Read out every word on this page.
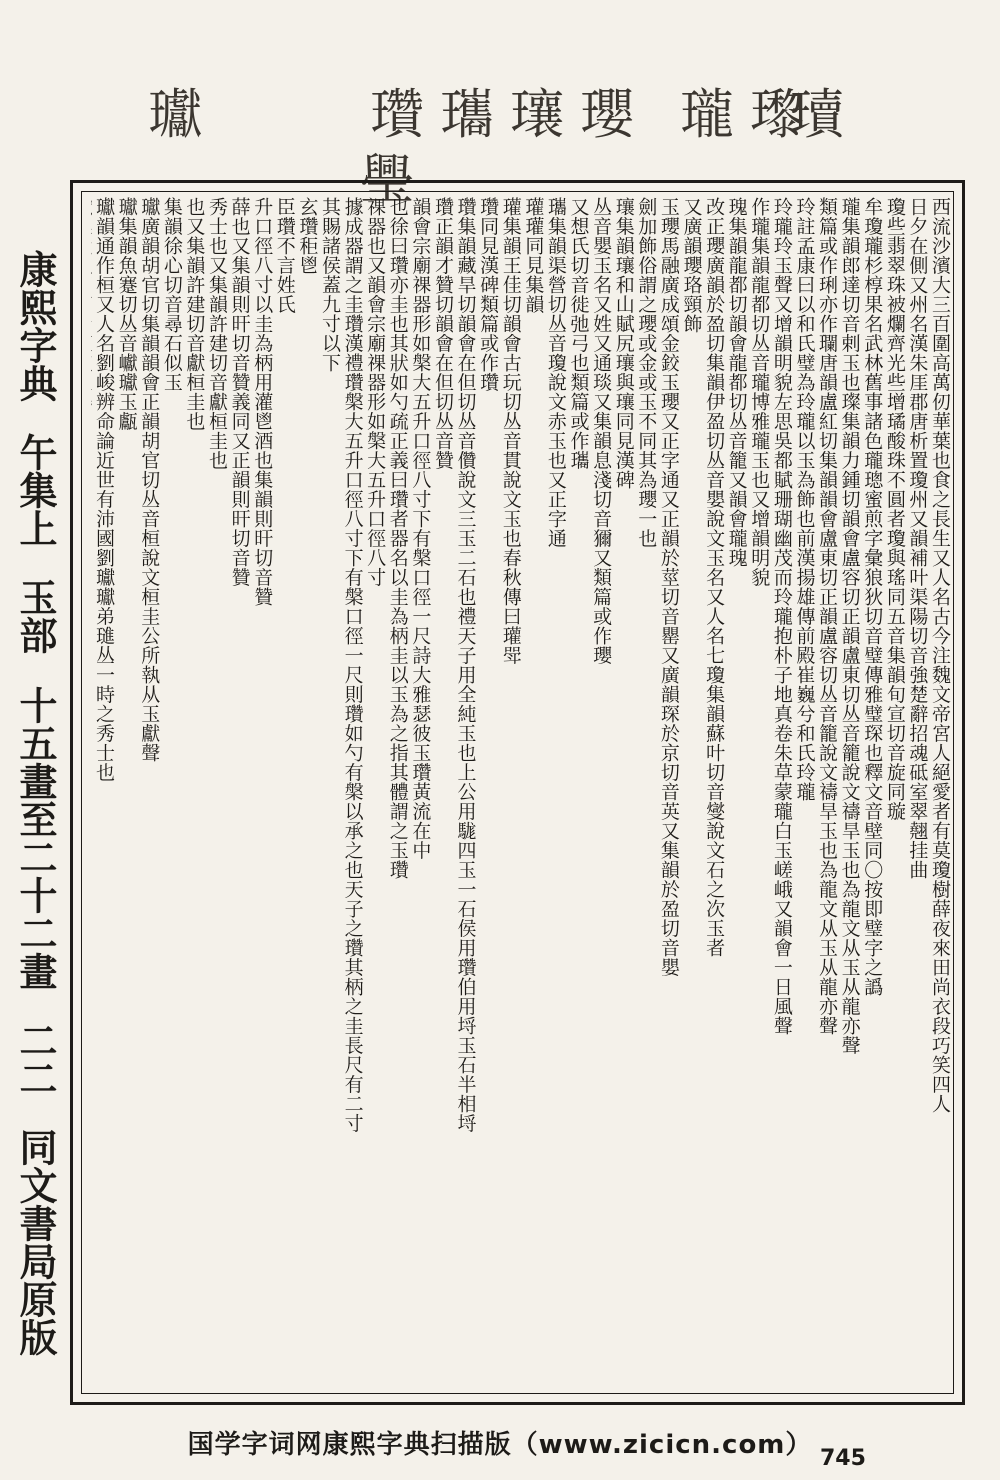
瓛	瓚 瓗 瓖 瓔 瓏 瓈
瓄
璺
康熙字典 午集上 玉部 十五畫至二十二畫 二二 同文書局原版

西流沙濱大三百圍高萬仞華葉也食之長生又人名古今注魏文帝宮人絕愛者有莫瓊樹薛夜來田尚衣段巧笑四人

日夕在側又州名漢朱厓郡唐析置瓊州又韻補叶渠陽切音強楚辭招魂砥室翠翹挂曲

瓊些翡翠珠被爛齊光些增璚酸珠不圓者瓊與瑤同五音集韻旬宣切音旋同璇

牟瓊瓏杉椁果名武林舊事諸色瓏璁蜜煎字彙狼狄切音璧傳雅璧琛也釋文音壁同〇按即璧字之譌

瓏集韻郎達切音剌玉也璨集韻力鍾切韻會盧容切正韻盧東切丛音籠說文禱旱玉也為龍文从玉从龍亦聲

類篇或作琍亦作瓓唐韻盧紅切集韻韻會盧東切正韻盧容切丛音籠說文禱旱玉也為龍文从玉从龍亦聲

玲註孟康曰以和氏璧為玲瓏以玉為飾也前漢揚雄傳前殿崔巍兮和氏玲瓏

玲瓏玲玉聲又增韻明貌左思吳都賦珊瑚幽茂而玲瓏抱朴子地真卷朱草蒙瓏白玉嵯峨又韻會一日風聲

作瓏集韻龍都切丛音瓏博雅瓏玉也又增韻明貌

瑰集韻龍都切韻會龍都切丛音籠又韻會瓏瑰

改正瓔廣韻於盈切集韻伊盈切丛音嬰說文玉名又人名七瓊集韻蘇叶切音燮說文石之次玉者

又廣韻瓔珞頸飾

玉瓔馬融廣成頌金鉸玉瓔又正字通又正韻於莖切音罌又廣韻琛於京切音英又集韻於盈切音嬰

劍加飾俗謂之瓔或金或玉不同其為瓔一也

瓖集韻瓖和山賦尻瓖與瓖同見漢碑

丛音嬰玉名又姓又通琰又集韻息淺切音獮又類篇或作瓔

又想氏切音徙弛弓也類篇或作瓗

瓗集韻渠營切丛音瓊說文赤玉也又正字通

瓘瓘同見集韻

瓘集韻王佳切韻會古玩切丛音貫說文玉也春秋傳曰瓘斝

瓚同見漢碑類篇或作瓚

瓚集韻藏旱切韻會在但切丛音儹說文三玉二石也禮天子用全純玉也上公用駹四玉一石侯用瓚伯用埒玉石半相埒

瓚正韻才贊切韻會在但切丛音贊

韻會宗廟祼器形如槃大五升口徑八寸下有槃口徑一尺詩大雅瑟彼玉瓚黃流在中

也徐曰瓚亦圭也其狀如勺疏正義曰瓚者器名以圭為柄圭以玉為之指其體謂之玉瓚

祼器也又韻會宗廟祼器形如槃大五升口徑八寸

據成器謂之圭瓚漢禮瓚槃大五升口徑八寸下有槃口徑一尺則瓚如勺有槃以承之也天子之瓚其柄之圭長尺有二寸

其賜諸侯蓋九寸以下

玄瓚秬鬯

臣瓚不言姓氏

升口徑八寸以圭為柄用灌鬯酒也集韻則旰切音贊

薛也又集韻則旰切音贊義同又正韻則旰切音贊

秀士也又集韻許建切音獻桓圭也

也又集韻許建切音獻桓圭也

集韻徐心切音尋石似玉

瓛廣韻胡官切集韻韻會正韻胡官切丛音桓說文桓圭公所執从玉獻聲

瓛集韻魚蹇切丛音巘瓛玉甗

瓛韻通作桓又人名劉峻辨命論近世有沛國劉瓛瓛弟璡丛一時之秀士也

国学字词网康熙字典扫描版（www.zicicn.com） 745
